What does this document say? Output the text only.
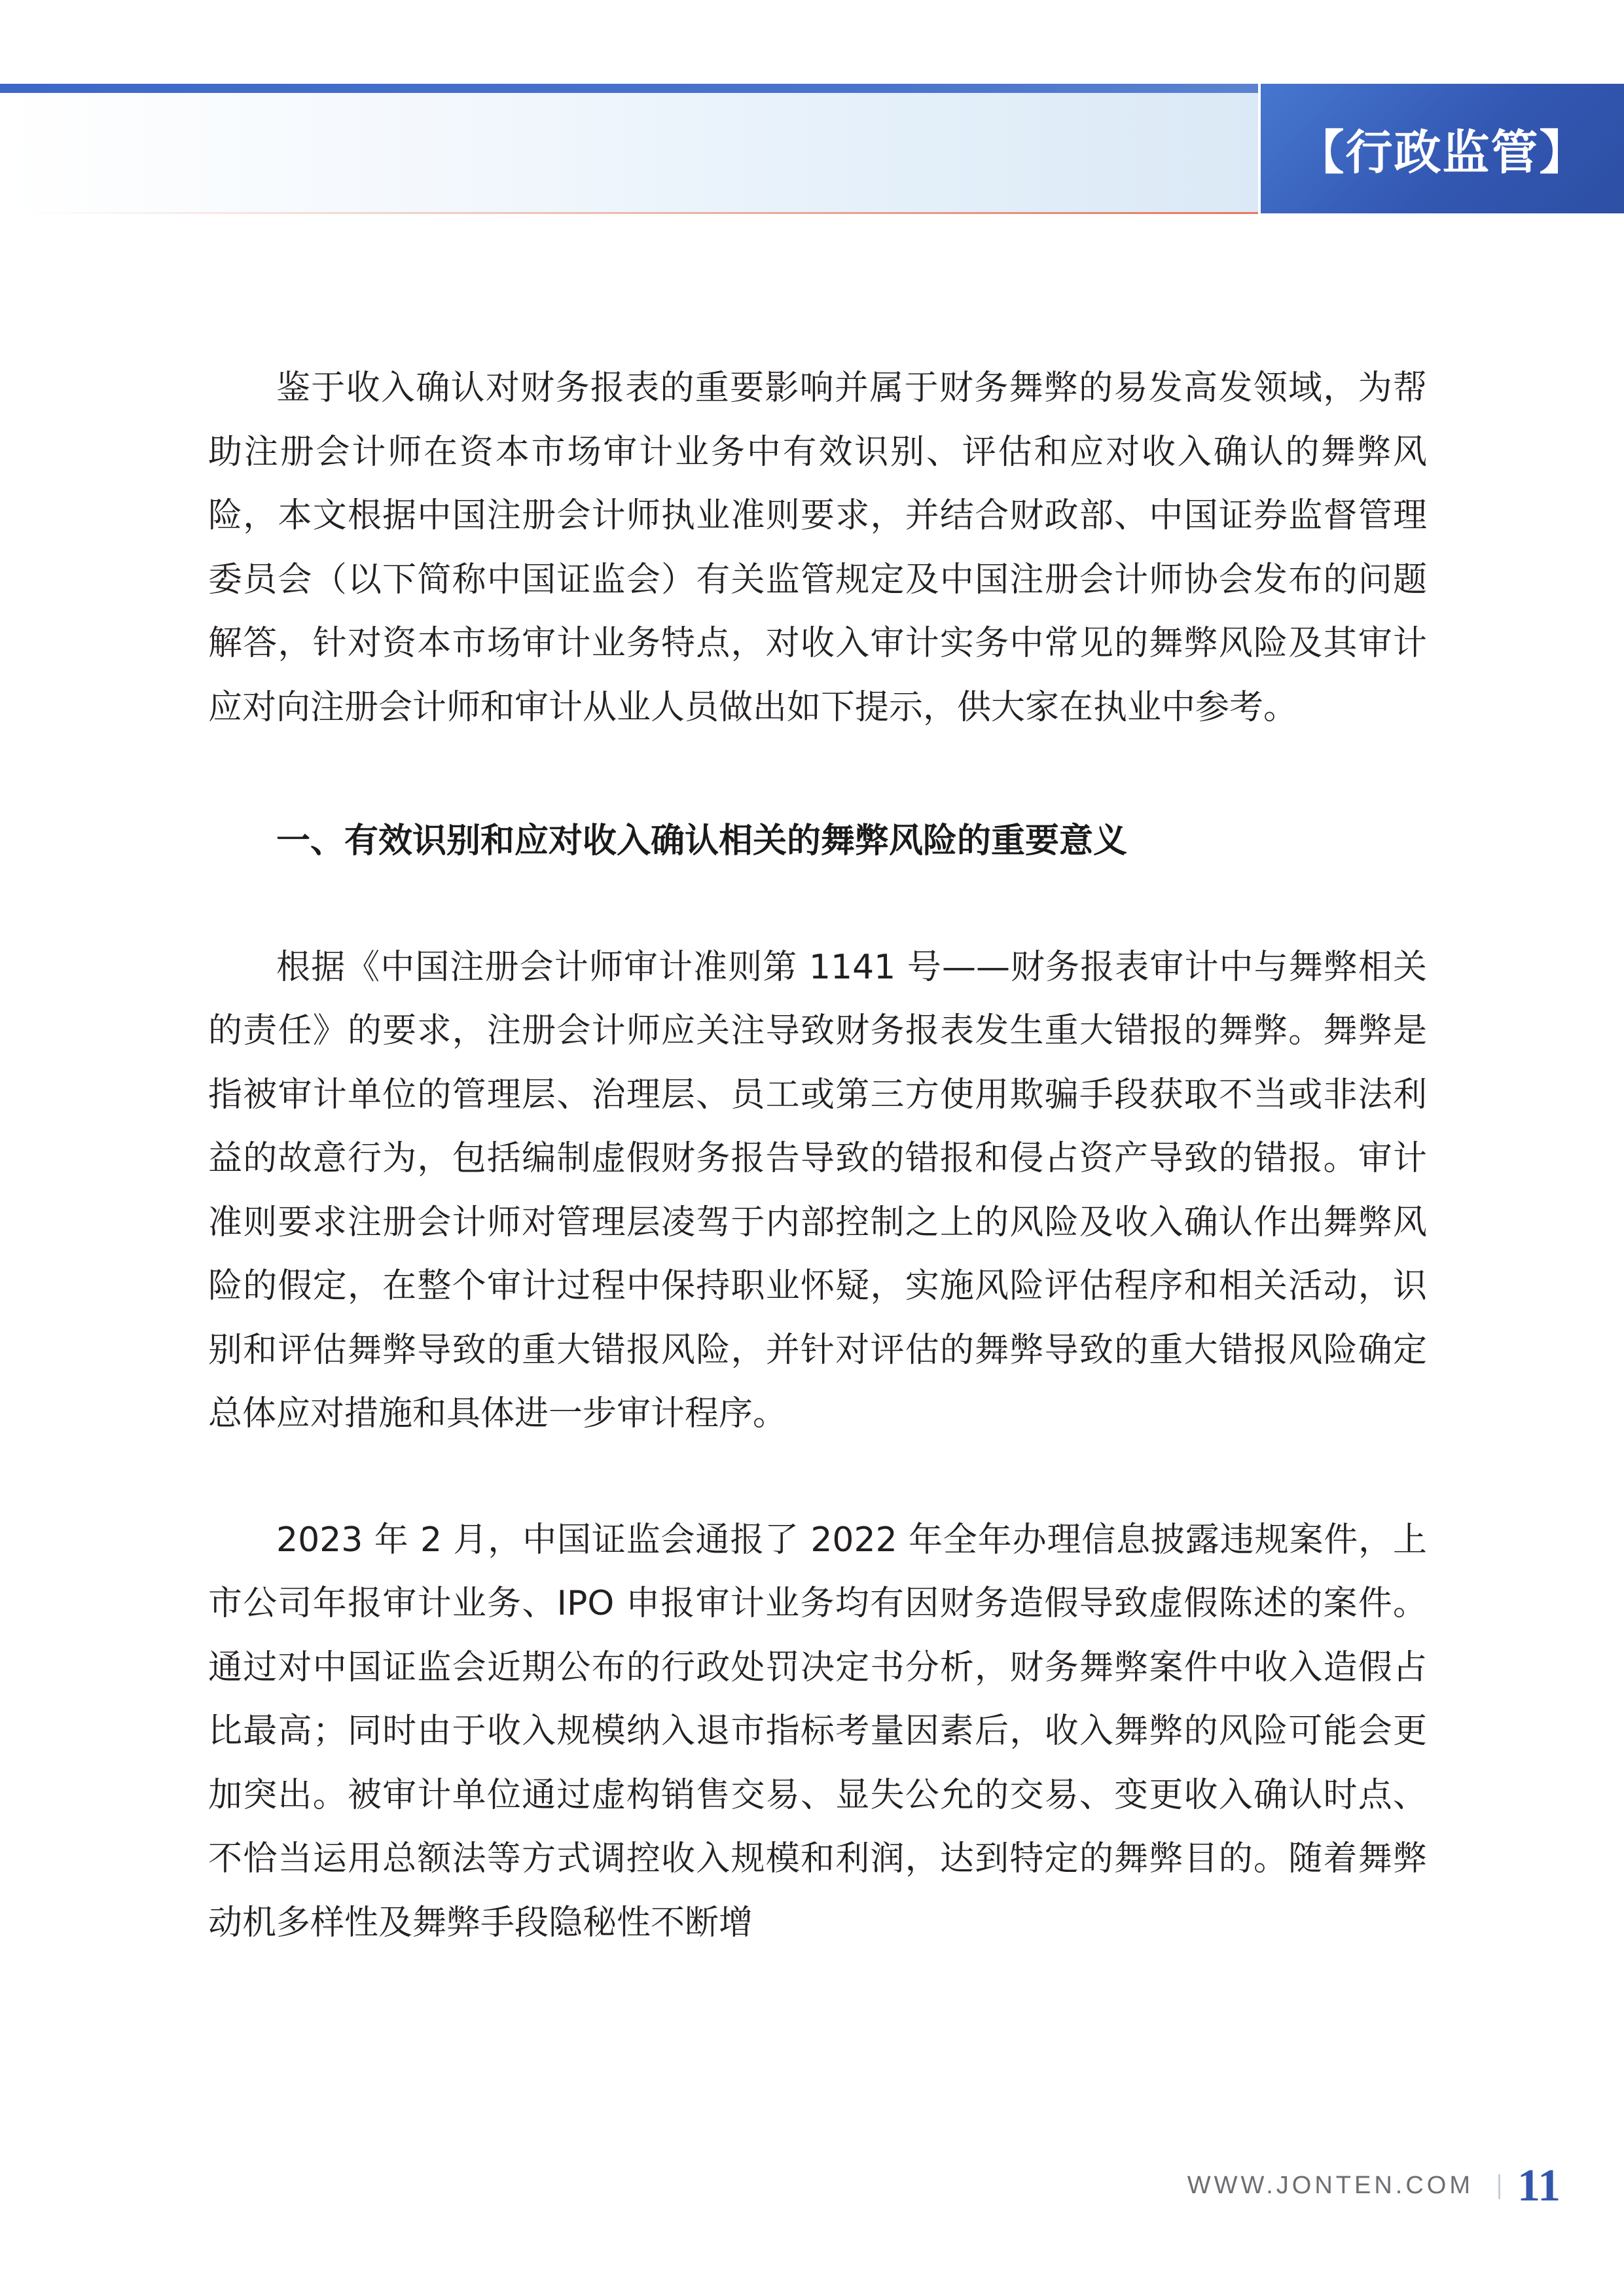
【行政监管】

鉴于收入确认对财务报表的重要影响并属于财务舞弊的易发高发领域，为帮助注册会计师在资本市场审计业务中有效识别、评估和应对收入确认的舞弊风险，本文根据中国注册会计师执业准则要求，并结合财政部、中国证券监督管理委员会（以下简称中国证监会）有关监管规定及中国注册会计师协会发布的问题解答，针对资本市场审计业务特点，对收入审计实务中常见的舞弊风险及其审计应对向注册会计师和审计从业人员做出如下提示，供大家在执业中参考。

一、有效识别和应对收入确认相关的舞弊风险的重要意义

根据《中国注册会计师审计准则第 1141 号——财务报表审计中与舞弊相关的责任》的要求，注册会计师应关注导致财务报表发生重大错报的舞弊。舞弊是指被审计单位的管理层、治理层、员工或第三方使用欺骗手段获取不当或非法利益的故意行为，包括编制虚假财务报告导致的错报和侵占资产导致的错报。审计准则要求注册会计师对管理层凌驾于内部控制之上的风险及收入确认作出舞弊风险的假定，在整个审计过程中保持职业怀疑，实施风险评估程序和相关活动，识别和评估舞弊导致的重大错报风险，并针对评估的舞弊导致的重大错报风险确定总体应对措施和具体进一步审计程序。

2023 年 2 月，中国证监会通报了 2022 年全年办理信息披露违规案件，上市公司年报审计业务、IPO 申报审计业务均有因财务造假导致虚假陈述的案件。通过对中国证监会近期公布的行政处罚决定书分析，财务舞弊案件中收入造假占比最高；同时由于收入规模纳入退市指标考量因素后，收入舞弊的风险可能会更加突出。被审计单位通过虚构销售交易、显失公允的交易、变更收入确认时点、不恰当运用总额法等方式调控收入规模和利润，达到特定的舞弊目的。随着舞弊动机多样性及舞弊手段隐秘性不断增

WWW.JONTEN.COM 11
